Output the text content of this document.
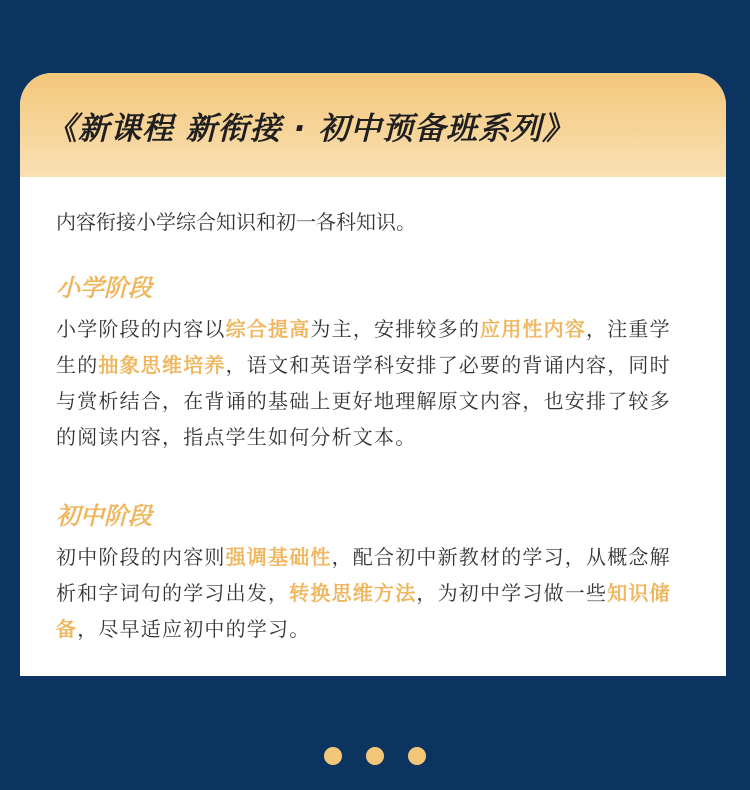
《新课程 新衔接 · 初中预备班系列》
内容衔接小学综合知识和初一各科知识。
小学阶段
小学阶段的内容以综合提高为主，安排较多的应用性内容，注重学生的抽象思维培养，语文和英语学科安排了必要的背诵内容，同时与赏析结合，在背诵的基础上更好地理解原文内容，也安排了较多的阅读内容，指点学生如何分析文本。
初中阶段
初中阶段的内容则强调基础性，配合初中新教材的学习，从概念解析和字词句的学习出发，转换思维方法，为初中学习做一些知识储备，尽早适应初中的学习。
